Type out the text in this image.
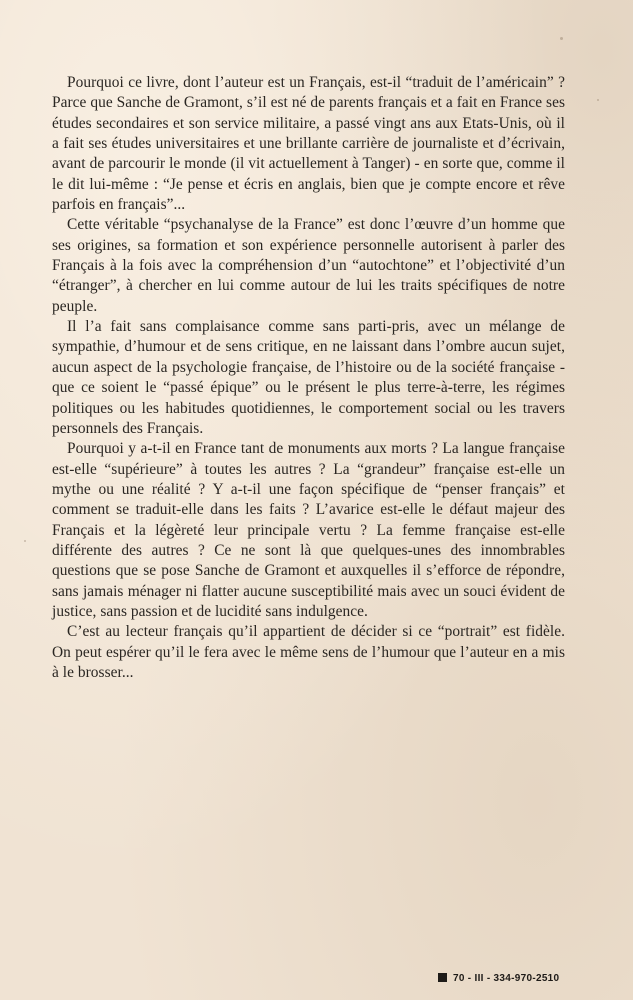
Pourquoi ce livre, dont l’auteur est un Français, est-il “traduit de l’américain” ? Parce que Sanche de Gramont, s’il est né de parents français et a fait en France ses études secondaires et son service militaire, a passé vingt ans aux Etats-Unis, où il a fait ses études universitaires et une brillante carrière de journaliste et d’écrivain, avant de parcourir le monde (il vit actuellement à Tanger) - en sorte que, comme il le dit lui-même : “Je pense et écris en anglais, bien que je compte encore et rêve parfois en français”...

Cette véritable “psychanalyse de la France” est donc l’œuvre d’un homme que ses origines, sa formation et son expérience personnelle autorisent à parler des Français à la fois avec la compréhension d’un “autochtone” et l’objectivité d’un “étranger”, à chercher en lui comme autour de lui les traits spécifiques de notre peuple.

Il l’a fait sans complaisance comme sans parti-pris, avec un mélange de sympathie, d’humour et de sens critique, en ne laissant dans l’ombre aucun sujet, aucun aspect de la psychologie française, de l’histoire ou de la société française - que ce soient le “passé épique” ou le présent le plus terre-à-terre, les régimes politiques ou les habitudes quotidiennes, le comportement social ou les travers personnels des Français.

Pourquoi y a-t-il en France tant de monuments aux morts ? La langue française est-elle “supérieure” à toutes les autres ? La “grandeur” française est-elle un mythe ou une réalité ? Y a-t-il une façon spécifique de “penser français” et comment se traduit-elle dans les faits ? L’avarice est-elle le défaut majeur des Français et la légèreté leur principale vertu ? La femme française est-elle différente des autres ? Ce ne sont là que quelques-unes des innombrables questions que se pose Sanche de Gramont et auxquelles il s’efforce de répondre, sans jamais ménager ni flatter aucune susceptibilité mais avec un souci évident de justice, sans passion et de lucidité sans indulgence.

C’est au lecteur français qu’il appartient de décider si ce “portrait” est fidèle. On peut espérer qu’il le fera avec le même sens de l’humour que l’auteur en a mis à le brosser...

70 - III - 334-970-2510
